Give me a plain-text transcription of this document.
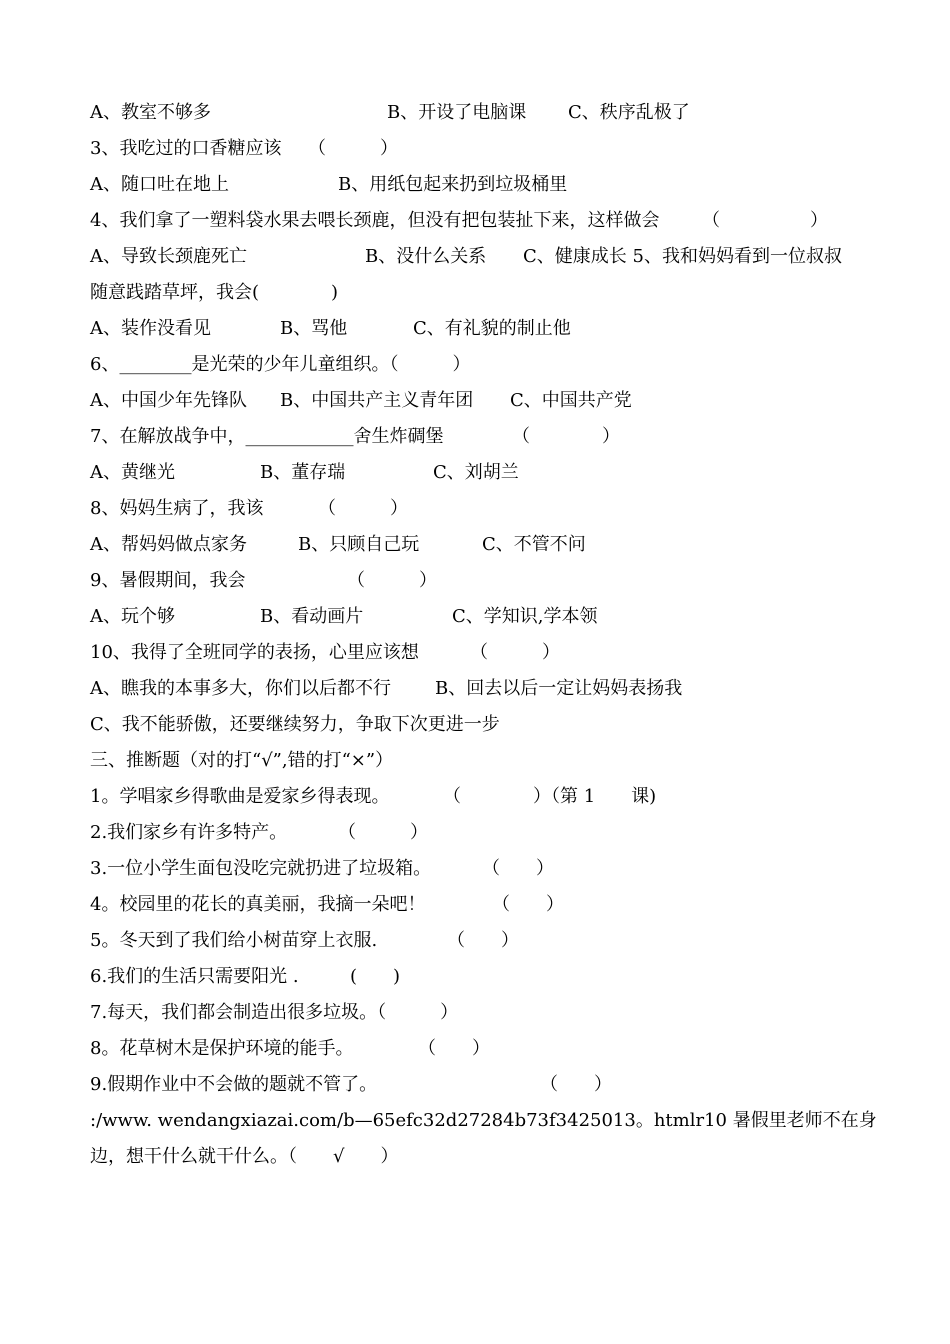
A、教室不够多

	B、开设了电脑课

C、秩序乱极了

3、我吃过的口香糖应该

（　　　）

A、随口吐在地上

	B、用纸包起来扔到垃圾桶里

4、我们拿了一塑料袋水果去喂长颈鹿，但没有把包装扯下来，这样做会

（　　　　　）

A、导致长颈鹿死亡

	B、没什么关系

C、健康成长 5、我和妈妈看到一位叔叔

随意践踏草坪，我会(　　　　)

A、装作没看见

	B、骂他

	C、有礼貌的制止他

6、________是光荣的少年儿童组织。（　　　）

A、中国少年先锋队

B、中国共产主义青年团

C、中国共产党

7、在解放战争中，____________舍生炸碉堡

	（　　　　）

A、黄继光

	B、董存瑞

	C、刘胡兰

8、妈妈生病了，我该

	（　　　）

A、帮妈妈做点家务

	B、只顾自己玩

	C、不管不问

9、暑假期间，我会

	（　　　）

A、玩个够

	B、看动画片

	C、学知识,学本领

10、我得了全班同学的表扬，心里应该想

	（　　　）

A、瞧我的本事多大，你们以后都不行

B、回去以后一定让妈妈表扬我

C、我不能骄傲，还要继续努力，争取下次更进一步

三、推断题（对的打“√”,错的打“×”）

1。学唱家乡得歌曲是爱家乡得表现。

	（　　　　）（第 1　　课)

2.我们家乡有许多特产。

	（　　　）

3.一位小学生面包没吃完就扔进了垃圾箱。

	（　　）

4。校园里的花长的真美丽，我摘一朵吧！

	（　　）

5。冬天到了我们给小树苗穿上衣服.

	（　　）

6.我们的生活只需要阳光 .

	(　　)

7.每天，我们都会制造出很多垃圾。（　　　）

8。花草树木是保护环境的能手。

	（　　）

9.假期作业中不会做的题就不管了。

	（　　）

:/www. wendangxiazai.com/b—65efc32d27284b73f3425013。htmlr10 暑假里老师不在身

边，想干什么就干什么。（　　√　　）
